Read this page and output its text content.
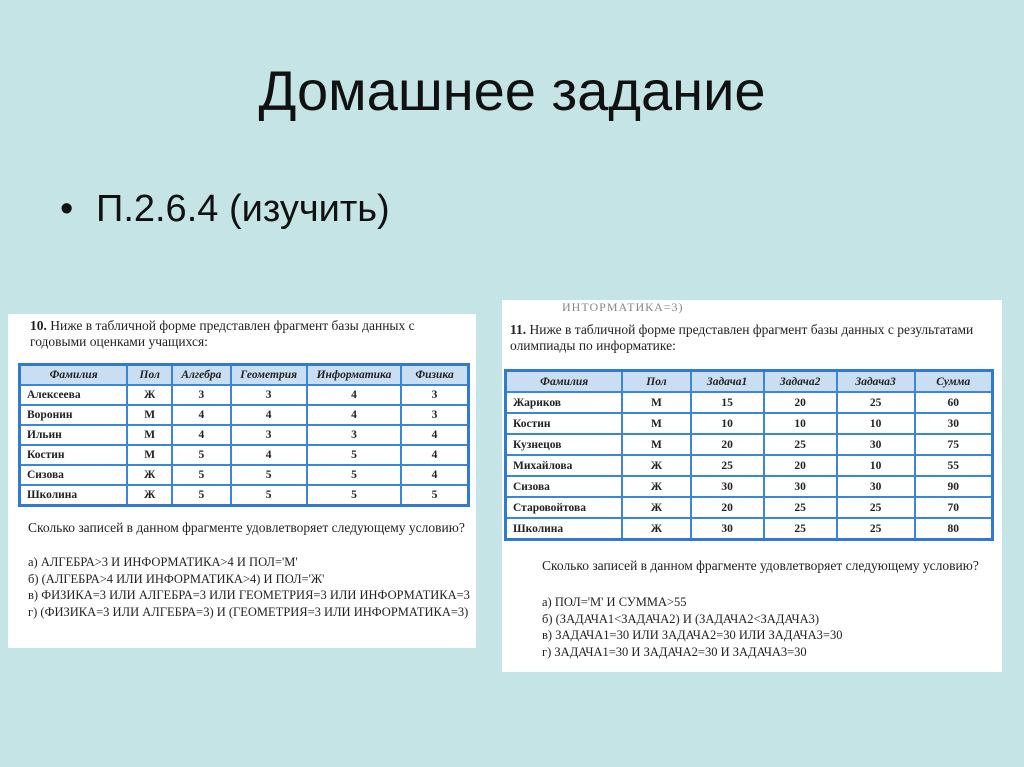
Домашнее задание
• П.2.6.4 (изучить)
10. Ниже в табличной форме представлен фрагмент базы данных с годовыми оценками учащихся:
Фамилия	Пол	Алгебра	Геометрия	Информатика	Физика
Алексеева	Ж	3	3	4	3
Воронин	М	4	4	4	3
Ильин	М	4	3	3	4
Костин	М	5	4	5	4
Сизова	Ж	5	5	5	4
Школина	Ж	5	5	5	5
Сколько записей в данном фрагменте удовлетворяет следующему условию?
а) АЛГЕБРА>3 И ИНФОРМАТИКА>4 И ПОЛ='М'
б) (АЛГЕБРА>4 ИЛИ ИНФОРМАТИКА>4) И ПОЛ='Ж'
в) ФИЗИКА=3 ИЛИ АЛГЕБРА=3 ИЛИ ГЕОМЕТРИЯ=3 ИЛИ ИНФОРМАТИКА=3
г) (ФИЗИКА=3 ИЛИ АЛГЕБРА=3) И (ГЕОМЕТРИЯ=3 ИЛИ ИНФОРМАТИКА=3)
ИНТОРМАТИКА=3)
11. Ниже в табличной форме представлен фрагмент базы данных с результатами олимпиады по информатике:
Фамилия	Пол	Задача1	Задача2	Задача3	Сумма
Жариков	М	15	20	25	60
Костин	М	10	10	10	30
Кузнецов	М	20	25	30	75
Михайлова	Ж	25	20	10	55
Сизова	Ж	30	30	30	90
Старовойтова	Ж	20	25	25	70
Школина	Ж	30	25	25	80
Сколько записей в данном фрагменте удовлетворяет следующему условию?
а) ПОЛ='М' И СУММА>55
б) (ЗАДАЧА1<ЗАДАЧА2) И (ЗАДАЧА2<ЗАДАЧА3)
в) ЗАДАЧА1=30 ИЛИ ЗАДАЧА2=30 ИЛИ ЗАДАЧА3=30
г) ЗАДАЧА1=30 И ЗАДАЧА2=30 И ЗАДАЧА3=30
